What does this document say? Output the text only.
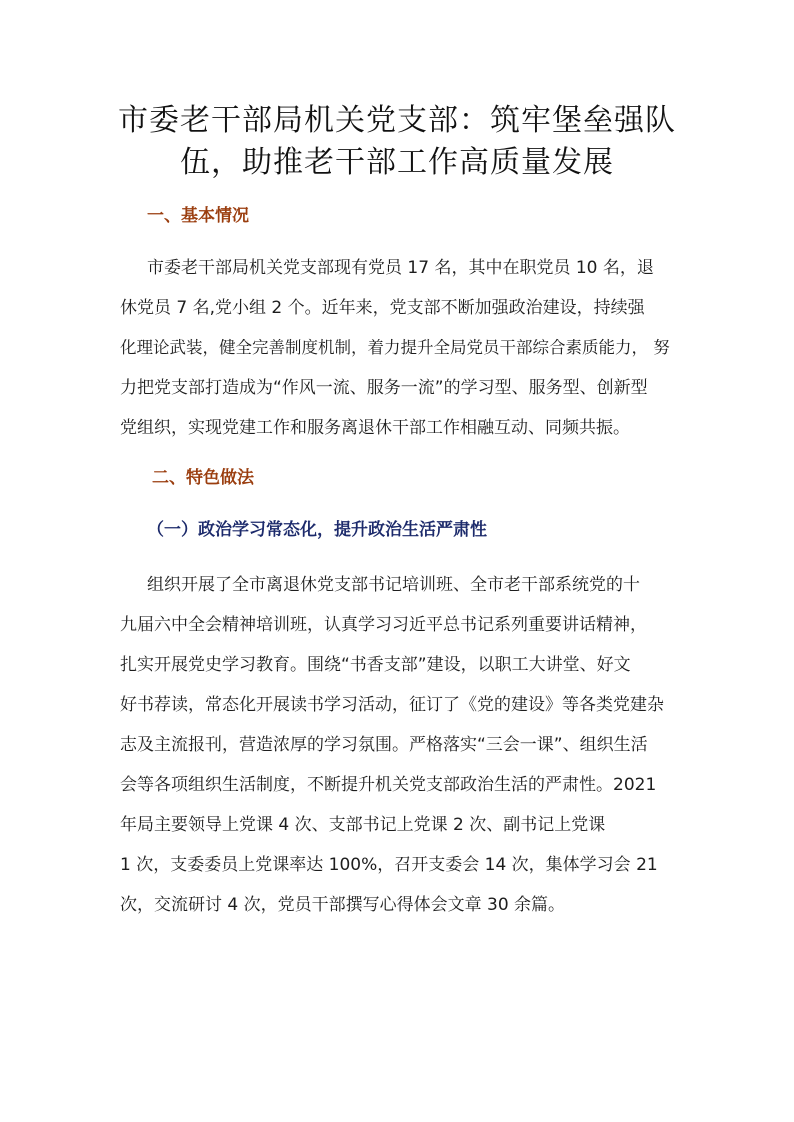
市委老干部局机关党支部：筑牢堡垒强队
伍，助推老干部工作高质量发展
一、基本情况
市委老干部局机关党支部现有党员 17 名，其中在职党员 10 名，退
休党员 7 名,党小组 2 个。近年来，党支部不断加强政治建设，持续强
化理论武装，健全完善制度机制，着力提升全局党员干部综合素质能力， 努
力把党支部打造成为“作风一流、服务一流”的学习型、服务型、创新型
党组织，实现党建工作和服务离退休干部工作相融互动、同频共振。
二、特色做法
（一）政治学习常态化，提升政治生活严肃性
组织开展了全市离退休党支部书记培训班、全市老干部系统党的十
九届六中全会精神培训班，认真学习习近平总书记系列重要讲话精神，
扎实开展党史学习教育。围绕“书香支部”建设，以职工大讲堂、好文
好书荐读，常态化开展读书学习活动，征订了《党的建设》等各类党建杂
志及主流报刊，营造浓厚的学习氛围。严格落实“三会一课”、组织生活
会等各项组织生活制度，不断提升机关党支部政治生活的严肃性。2021
年局主要领导上党课 4 次、支部书记上党课 2 次、副书记上党课
1 次，支委委员上党课率达 100%，召开支委会 14 次，集体学习会 21
次，交流研讨 4 次，党员干部撰写心得体会文章 30 余篇。
